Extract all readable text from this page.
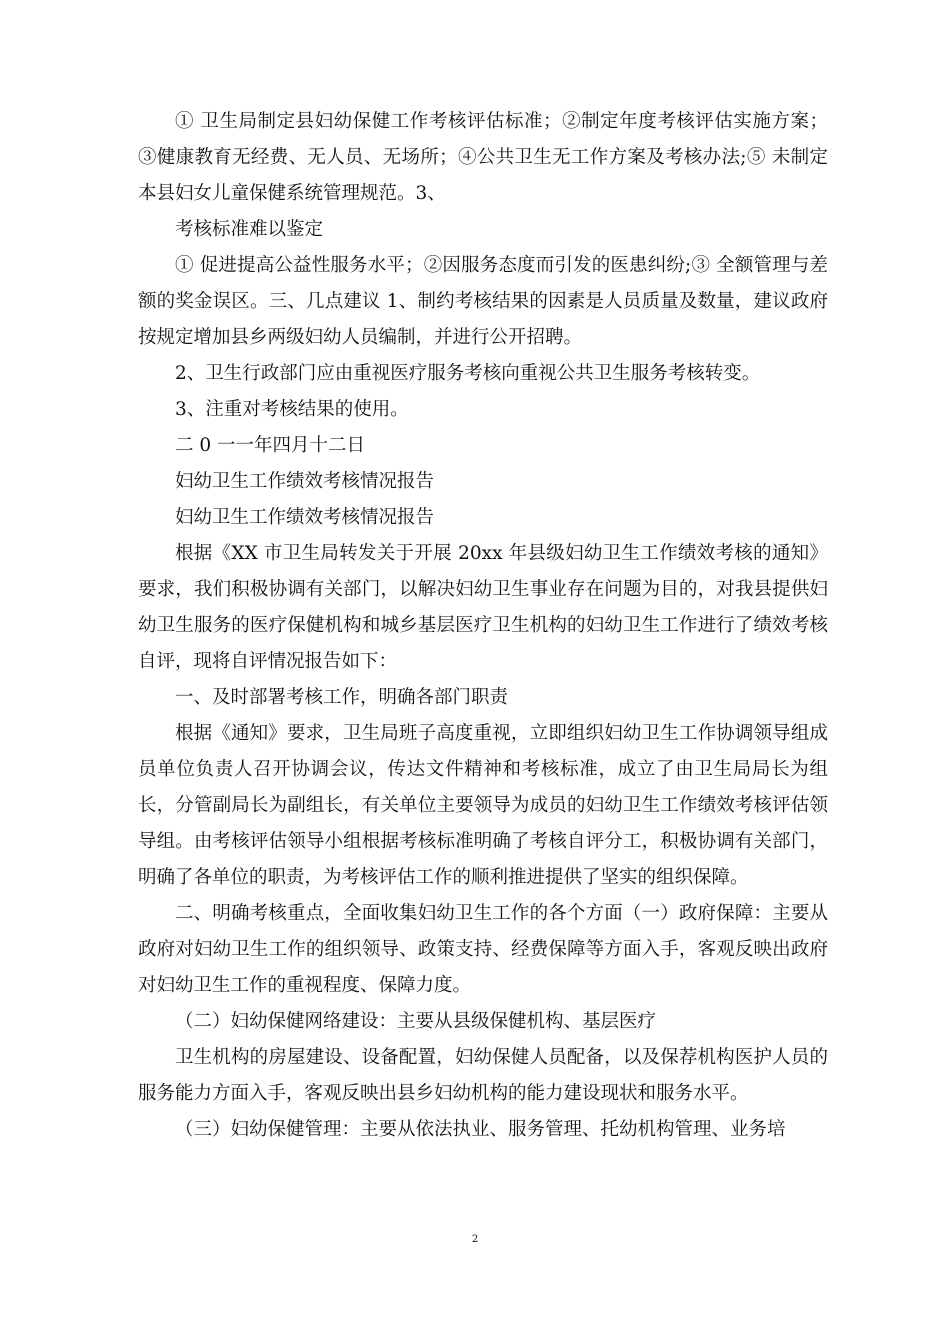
① 卫生局制定县妇幼保健工作考核评估标准；②制定年度考核评估实施方案；③健康教育无经费、无人员、无场所；④公共卫生无工作方案及考核办法;⑤ 未制定本县妇女儿童保健系统管理规范。3、

考核标准难以鉴定

① 促进提高公益性服务水平；②因服务态度而引发的医患纠纷;③ 全额管理与差额的奖金误区。三、几点建议 1、制约考核结果的因素是人员质量及数量，建议政府按规定增加县乡两级妇幼人员编制，并进行公开招聘。

2、卫生行政部门应由重视医疗服务考核向重视公共卫生服务考核转变。

3、注重对考核结果的使用。

二 0 一一年四月十二日

妇幼卫生工作绩效考核情况报告

妇幼卫生工作绩效考核情况报告

根据《XX 市卫生局转发关于开展 20xx 年县级妇幼卫生工作绩效考核的通知》要求，我们积极协调有关部门，以解决妇幼卫生事业存在问题为目的，对我县提供妇幼卫生服务的医疗保健机构和城乡基层医疗卫生机构的妇幼卫生工作进行了绩效考核自评，现将自评情况报告如下：

一、及时部署考核工作，明确各部门职责

根据《通知》要求，卫生局班子高度重视，立即组织妇幼卫生工作协调领导组成员单位负责人召开协调会议，传达文件精神和考核标准，成立了由卫生局局长为组长，分管副局长为副组长，有关单位主要领导为成员的妇幼卫生工作绩效考核评估领导组。由考核评估领导小组根据考核标准明确了考核自评分工，积极协调有关部门，明确了各单位的职责，为考核评估工作的顺利推进提供了坚实的组织保障。

二、明确考核重点，全面收集妇幼卫生工作的各个方面（一）政府保障：主要从政府对妇幼卫生工作的组织领导、政策支持、经费保障等方面入手，客观反映出政府对妇幼卫生工作的重视程度、保障力度。

（二）妇幼保健网络建设：主要从县级保健机构、基层医疗

卫生机构的房屋建设、设备配置，妇幼保健人员配备，以及保荐机构医护人员的服务能力方面入手，客观反映出县乡妇幼机构的能力建设现状和服务水平。

（三）妇幼保健管理：主要从依法执业、服务管理、托幼机构管理、业务培

2
